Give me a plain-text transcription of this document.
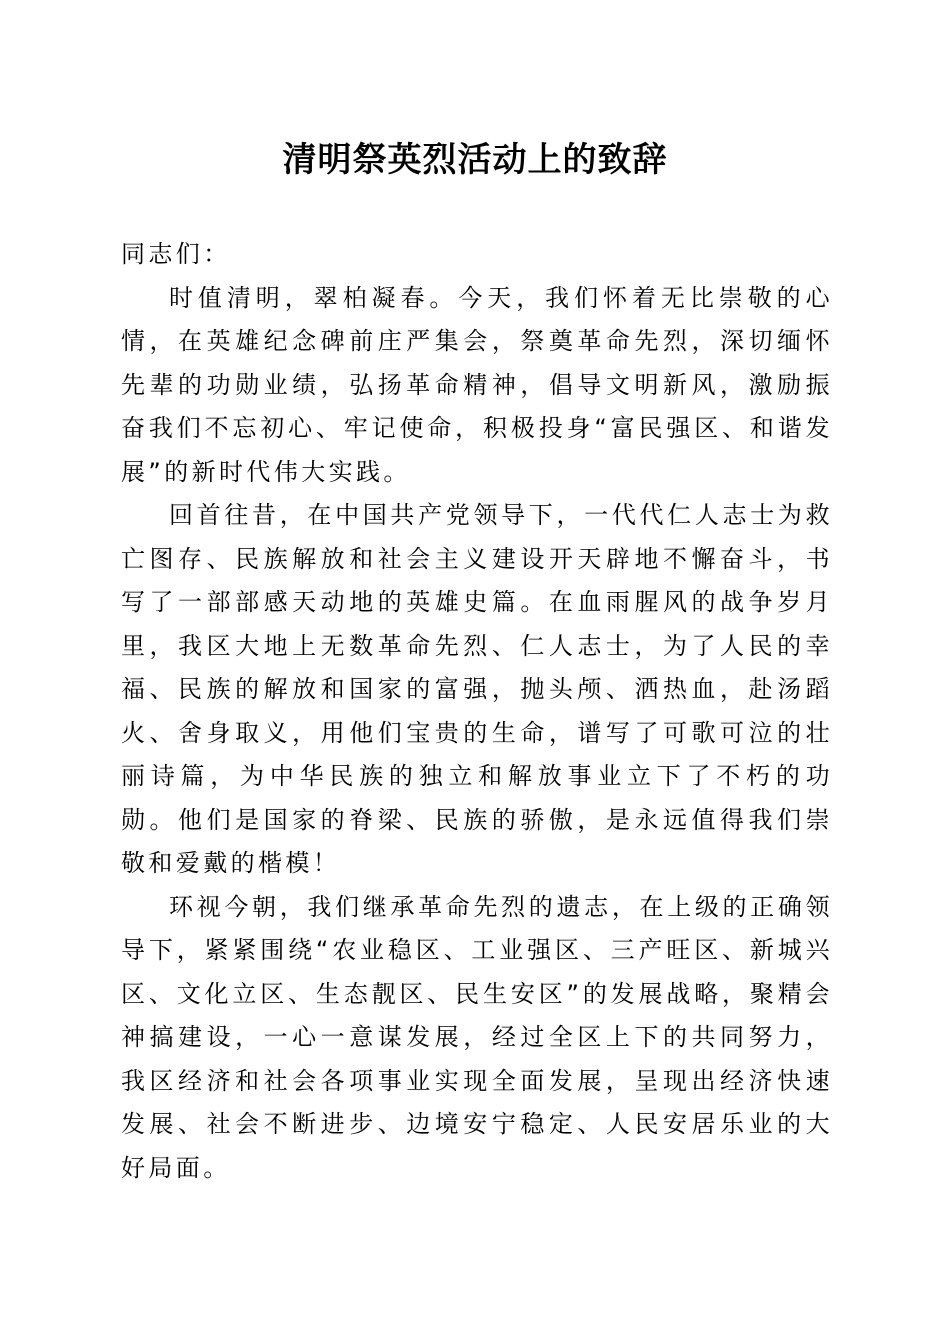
清明祭英烈活动上的致辞

同志们：

时值清明，翠柏凝春。今天，我们怀着无比崇敬的心情，在英雄纪念碑前庄严集会，祭奠革命先烈，深切缅怀先辈的功勋业绩，弘扬革命精神，倡导文明新风，激励振奋我们不忘初心、牢记使命，积极投身“富民强区、和谐发展”的新时代伟大实践。

回首往昔，在中国共产党领导下，一代代仁人志士为救亡图存、民族解放和社会主义建设开天辟地不懈奋斗，书写了一部部感天动地的英雄史篇。在血雨腥风的战争岁月里，我区大地上无数革命先烈、仁人志士，为了人民的幸福、民族的解放和国家的富强，抛头颅、洒热血，赴汤蹈火、舍身取义，用他们宝贵的生命，谱写了可歌可泣的壮丽诗篇，为中华民族的独立和解放事业立下了不朽的功勋。他们是国家的脊梁、民族的骄傲，是永远值得我们崇敬和爱戴的楷模！

环视今朝，我们继承革命先烈的遗志，在上级的正确领导下，紧紧围绕“农业稳区、工业强区、三产旺区、新城兴区、文化立区、生态靓区、民生安区”的发展战略，聚精会神搞建设，一心一意谋发展，经过全区上下的共同努力，我区经济和社会各项事业实现全面发展，呈现出经济快速发展、社会不断进步、边境安宁稳定、人民安居乐业的大好局面。
